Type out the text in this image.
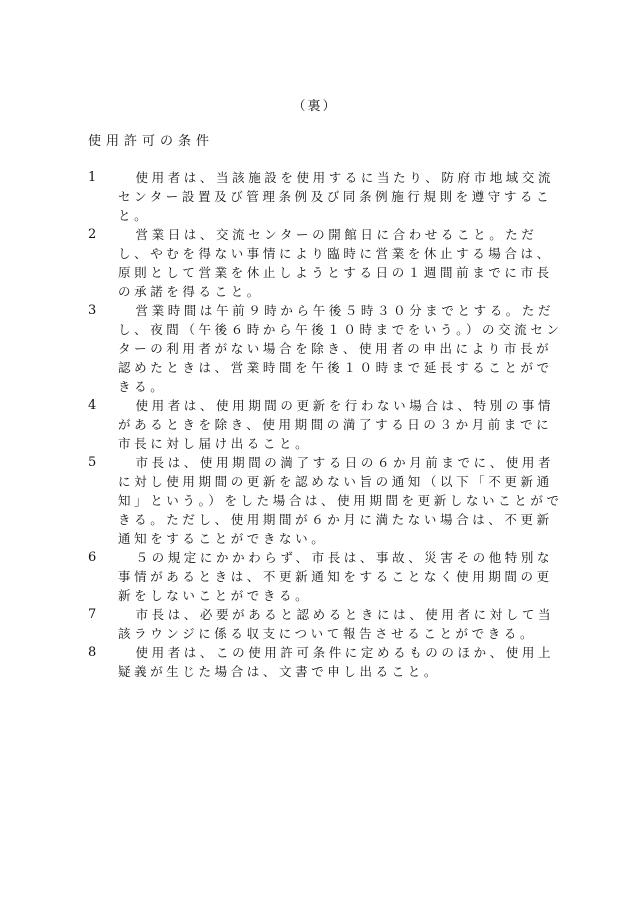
（裏）
使用許可の条件
1	使用者は、当該施設を使用するに当たり、防府市地域交流センター設置及び管理条例及び同条例施行規則を遵守すること。
2	営業日は、交流センターの開館日に合わせること。ただし、やむを得ない事情により臨時に営業を休止する場合は、原則として営業を休止しようとする日の１週間前までに市長の承諾を得ること。
3	営業時間は午前９時から午後５時３０分までとする。ただし、夜間（午後６時から午後１０時までをいう。）の交流センターの利用者がない場合を除き、使用者の申出により市長が認めたときは、営業時間を午後１０時まで延長することができる。
4	使用者は、使用期間の更新を行わない場合は、特別の事情があるときを除き、使用期間の満了する日の３か月前までに市長に対し届け出ること。
5	市長は、使用期間の満了する日の６か月前までに、使用者に対し使用期間の更新を認めない旨の通知（以下「不更新通知」という。）をした場合は、使用期間を更新しないことができる。ただし、使用期間が６か月に満たない場合は、不更新通知をすることができない。
6	５の規定にかかわらず、市長は、事故、災害その他特別な事情があるときは、不更新通知をすることなく使用期間の更新をしないことができる。
7	市長は、必要があると認めるときには、使用者に対して当該ラウンジに係る収支について報告させることができる。
8	使用者は、この使用許可条件に定めるもののほか、使用上疑義が生じた場合は、文書で申し出ること。
